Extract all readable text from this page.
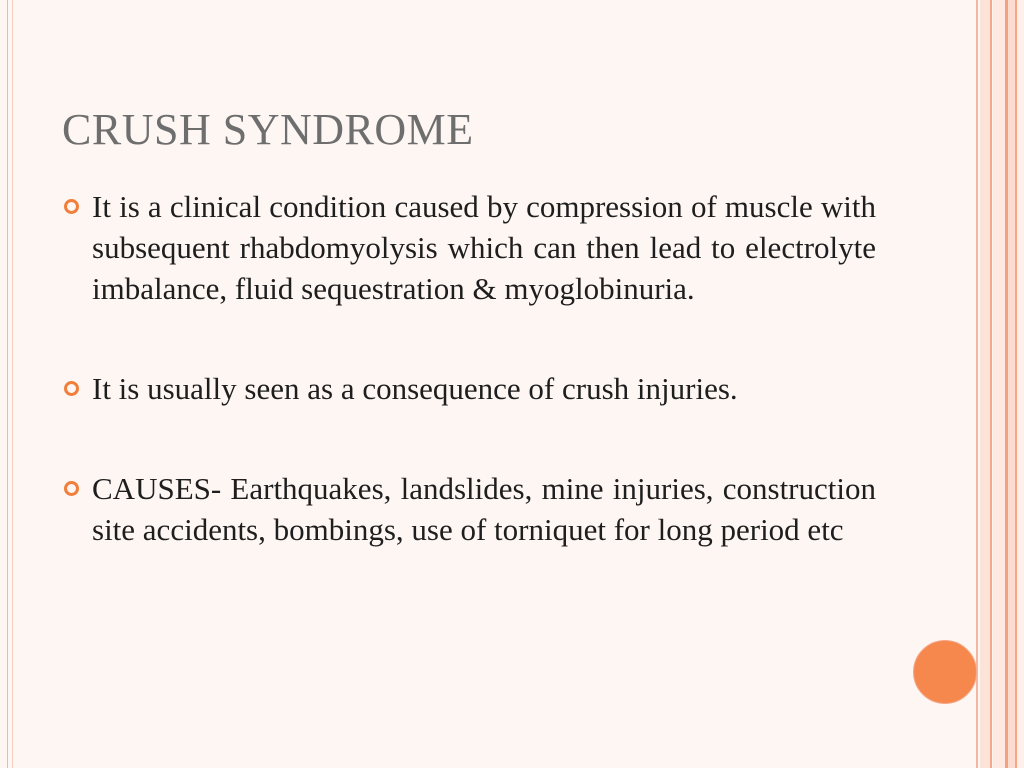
CRUSH SYNDROME
It is a clinical condition caused by compression of muscle with subsequent rhabdomyolysis which can then lead to electrolyte imbalance, fluid sequestration & myoglobinuria.
It is usually seen as a consequence of crush injuries.
CAUSES- Earthquakes, landslides, mine injuries, construction site accidents, bombings, use of torniquet for long period etc
